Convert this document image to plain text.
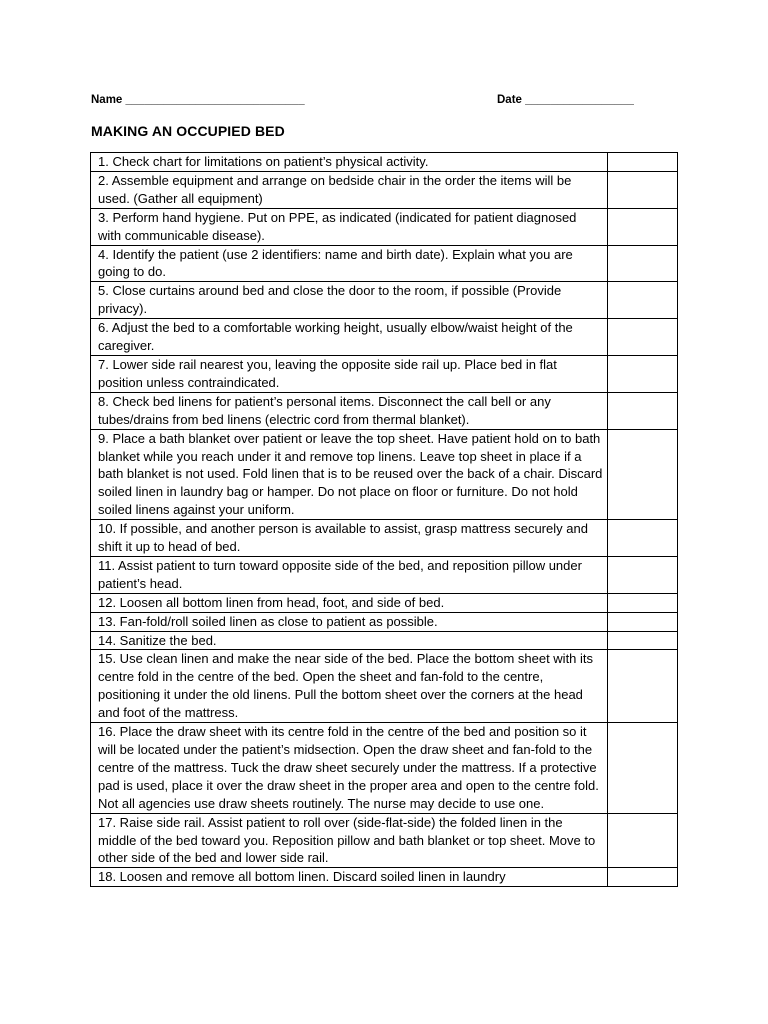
Name ____________________________	Date _________________
MAKING AN OCCUPIED BED
1. Check chart for limitations on patient’s physical activity.	
2. Assemble equipment and arrange on bedside chair in the order the items will be used. (Gather all equipment)	
3. Perform hand hygiene. Put on PPE, as indicated (indicated for patient diagnosed with communicable disease).	
4. Identify the patient (use 2 identifiers: name and birth date). Explain what you are going to do.	
5. Close curtains around bed and close the door to the room, if possible (Provide privacy).	
6. Adjust the bed to a comfortable working height, usually elbow/waist height of the caregiver.	
7. Lower side rail nearest you, leaving the opposite side rail up. Place bed in flat position unless contraindicated.	
8. Check bed linens for patient’s personal items. Disconnect the call bell or any tubes/drains from bed linens (electric cord from thermal blanket).	
9. Place a bath blanket over patient or leave the top sheet. Have patient hold on to bath blanket while you reach under it and remove top linens. Leave top sheet in place if a bath blanket is not used. Fold linen that is to be reused over the back of a chair. Discard soiled linen in laundry bag or hamper. Do not place on floor or furniture. Do not hold soiled linens against your uniform.	
10. If possible, and another person is available to assist, grasp mattress securely and shift it up to head of bed.	
11. Assist patient to turn toward opposite side of the bed, and reposition pillow under patient’s head.	
12. Loosen all bottom linen from head, foot, and side of bed.	
13. Fan-fold/roll soiled linen as close to patient as possible.	
14. Sanitize the bed.	
15. Use clean linen and make the near side of the bed. Place the bottom sheet with its centre fold in the centre of the bed. Open the sheet and fan-fold to the centre, positioning it under the old linens. Pull the bottom sheet over the corners at the head and foot of the mattress.	
16. Place the draw sheet with its centre fold in the centre of the bed and position so it will be located under the patient’s midsection. Open the draw sheet and fan-fold to the centre of the mattress. Tuck the draw sheet securely under the mattress. If a protective pad is used, place it over the draw sheet in the proper area and open to the centre fold. Not all agencies use draw sheets routinely. The nurse may decide to use one.	
17. Raise side rail. Assist patient to roll over (side-flat-side) the folded linen in the middle of the bed toward you. Reposition pillow and bath blanket or top sheet. Move to other side of the bed and lower side rail.	
18. Loosen and remove all bottom linen. Discard soiled linen in laundry	
